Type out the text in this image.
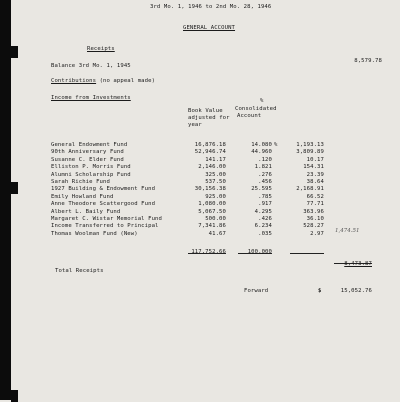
3rd Mo. 1, 1946 to 2nd Mo. 28, 1946
GENERAL ACCOUNT
Receipts
Balance 3rd Mo. 1, 1945
8,579.78
Contributions (no appeal made)
Income from Investments
Book Value
adjusted for
year
%
Consolidated
Account
General Endowment Fund	16,876.18	14.080 %	1,193.13
90th Anniversary Fund	52,946.74	44.960	3,809.89
Susanne C. Elder Fund	141.17	.120	10.17
Elliston P. Morris Fund	2,146.00	1.821	154.31
Alumni Scholarship Fund	325.00	.276	23.39
Sarah Richie Fund	537.50	.456	38.64
1927 Building & Endowment Fund	30,156.38	25.595	2,168.91
Emily Howland Fund	925.00	.785	66.52
Anne Theodore Scattergood Fund	1,080.00	.917	77.71
Albert L. Baily Fund	5,067.50	4.295	363.96
Margaret C. Wistar Memorial Fund	500.00	.426	36.10
Income Transferred to Principal	7,341.86	6.234	528.27
Thomas Woolman Fund (New)	41.67	.035	2.97 1,474.51
117,752.66	100.000
Total Receipts
8,473.87
Forward	$	15,052.76
